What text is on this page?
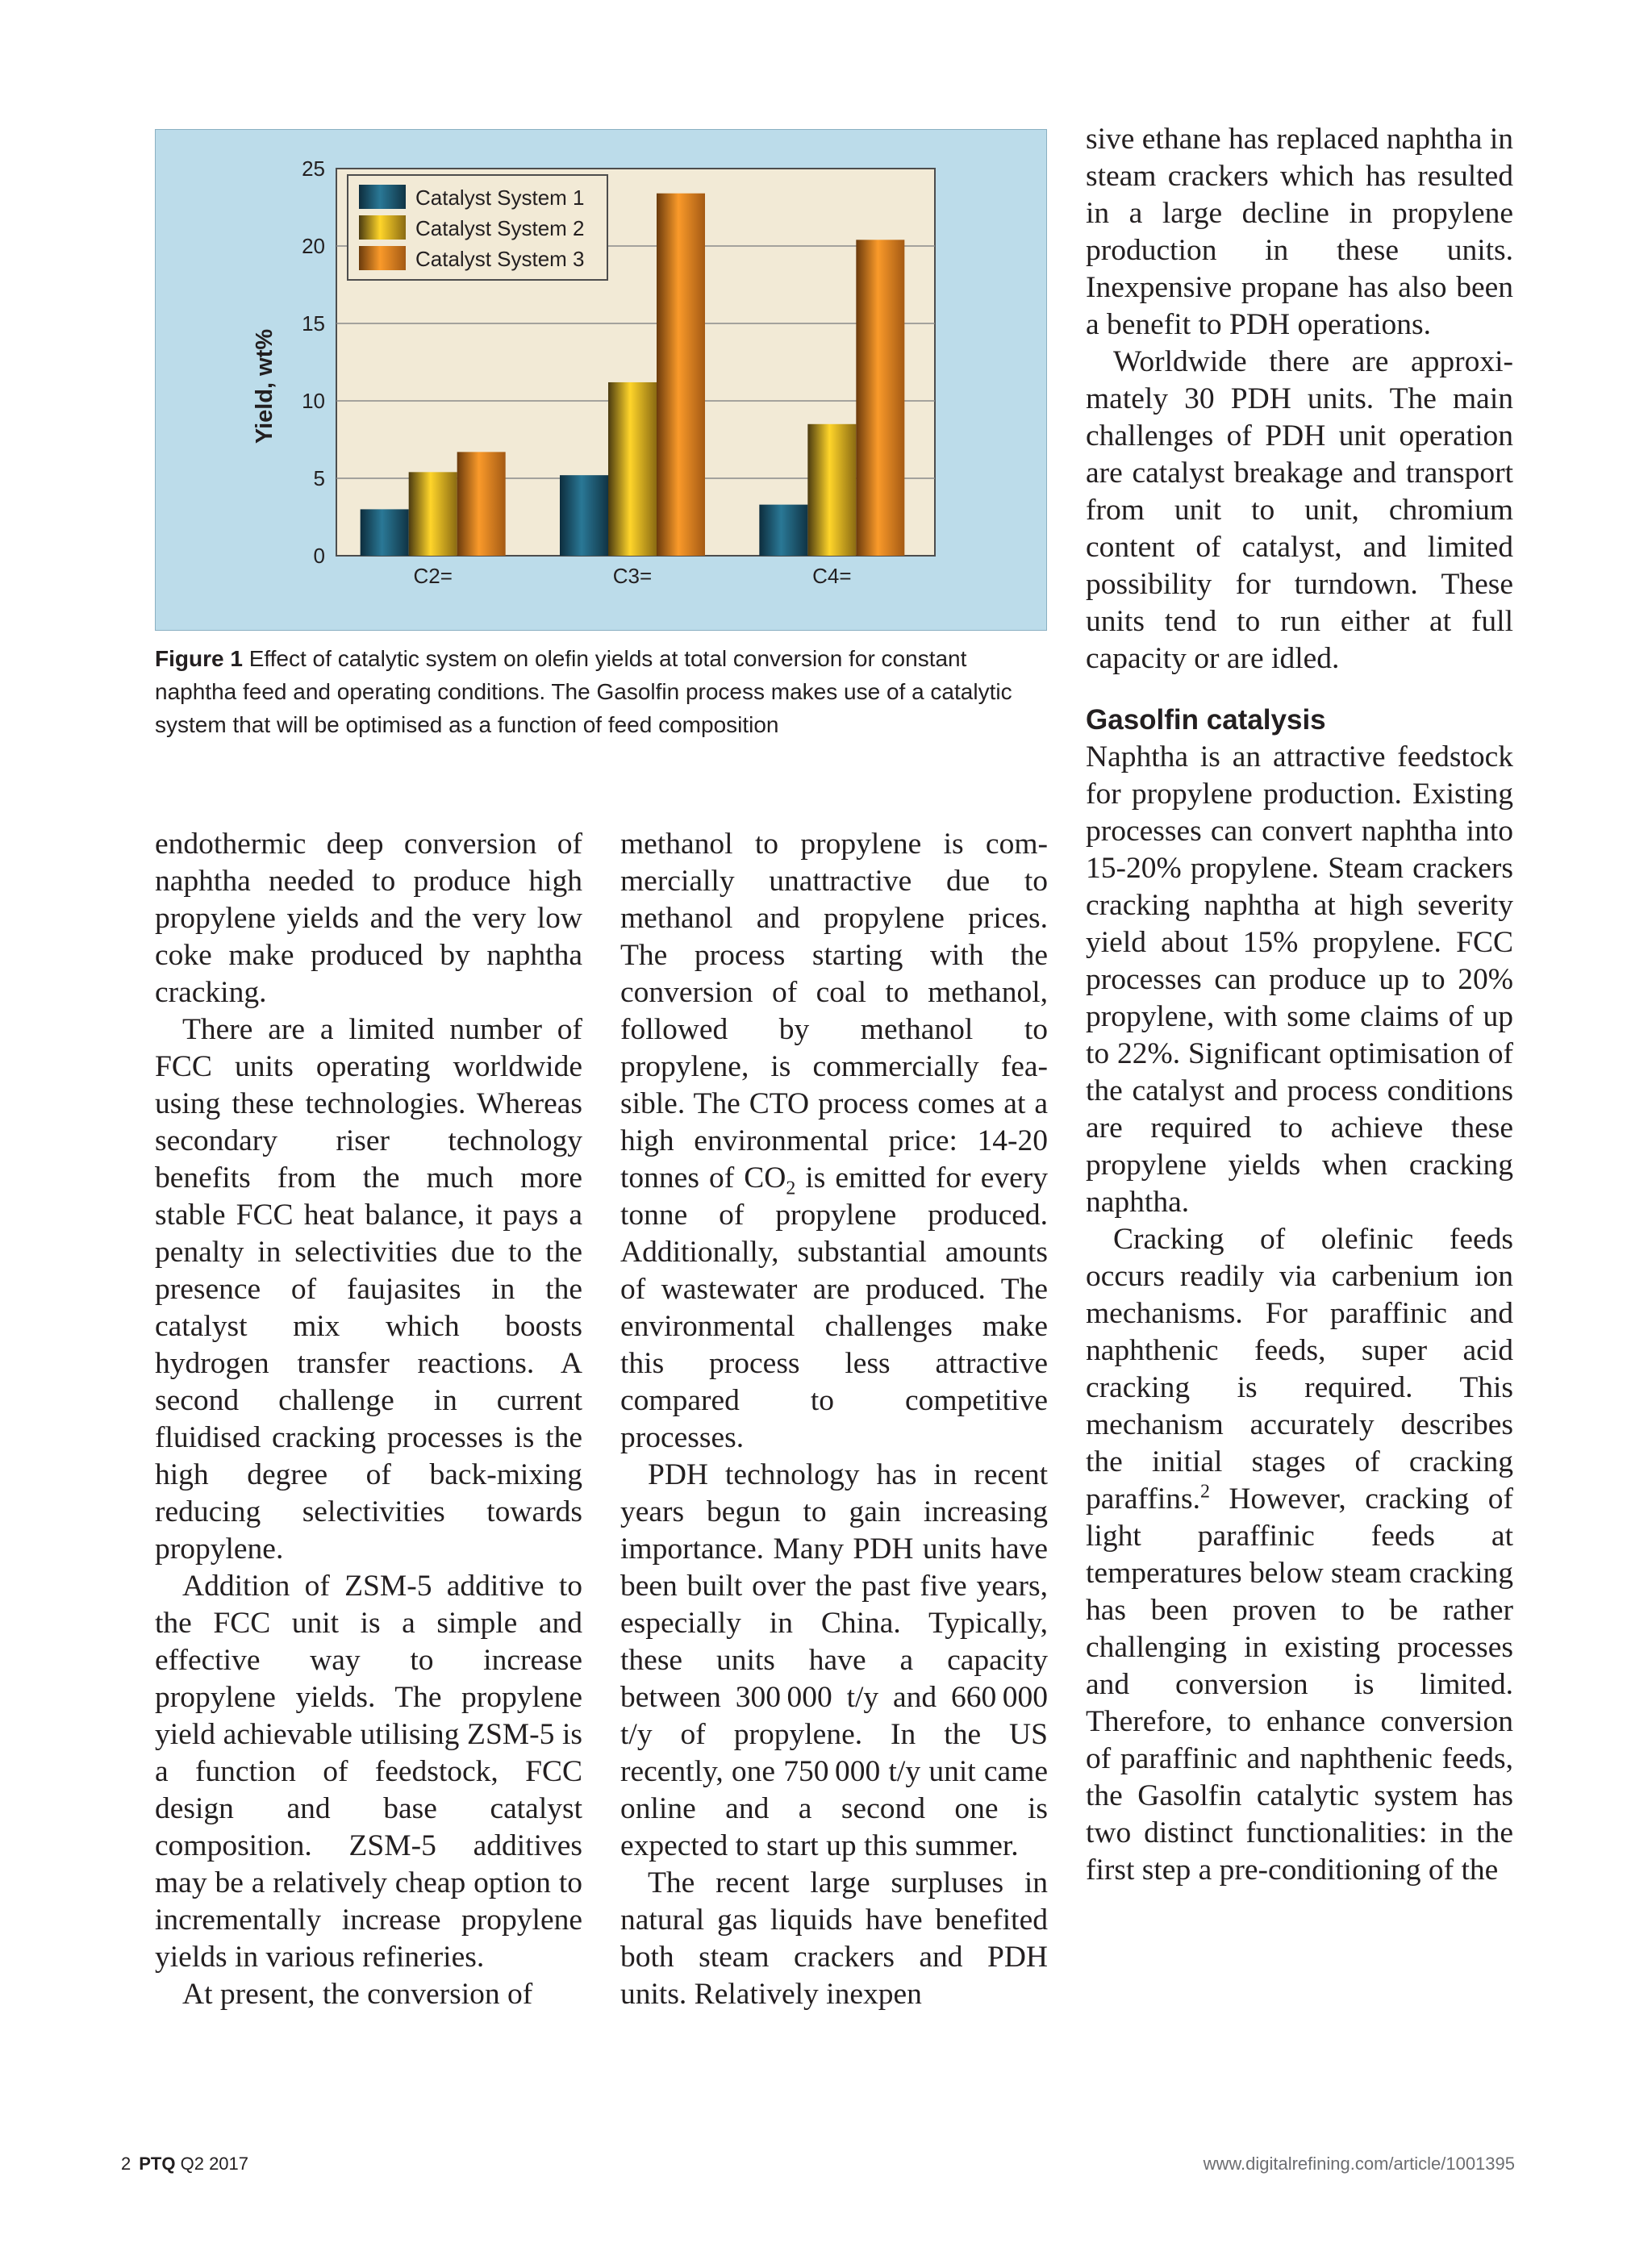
0
5
10
15
20
25
C2=	C3=	C4=
Yield, wt%
Catalyst System 1
Catalyst System 2
Catalyst System 3
Figure 1 Effect of catalytic system on olefin yields at total conversion for constant naphtha feed and operating conditions. The Gasolfin process makes use of a catalytic system that will be optimised as a function of feed composition

endothermic deep conversion of naphtha needed to produce high propylene yields and the very low coke make produced by naphtha cracking.

There are a limited number of FCC units operating worldwide using these technologies. Whereas secondary riser technology benefits from the much more stable FCC heat balance, it pays a penalty in selectivities due to the presence of faujasites in the catalyst mix which boosts hydrogen transfer reactions. A second challenge in current fluidised cracking processes is the high degree of back-mixing reducing selectivities towards propylene.

Addition of ZSM-5 additive to the FCC unit is a simple and effective way to increase propylene yields. The propylene yield achievable utilising ZSM-5 is a function of feedstock, FCC design and base catalyst composition. ZSM-5 additives may be a relatively cheap option to incrementally increase propylene yields in various refineries.

At present, the conversion of

methanol to propylene is commercially unattractive due to methanol and propylene prices. The process starting with the conversion of coal to methanol, followed by methanol to propylene, is commercially feasible. The CTO process comes at a high environmental price: 14-20 tonnes of $CO_2$ is emitted for every tonne of propylene produced. Additionally, substantial amounts of wastewater are produced. The environmental challenges make this process less attractive compared to competitive processes.

PDH technology has in recent years begun to gain increasing importance. Many PDH units have been built over the past five years, especially in China. Typically, these units have a capacity between 300 000 t/y and 660 000 t/y of propylene. In the US recently, one 750 000 t/y unit came online and a second one is expected to start up this summer.

The recent large surpluses in natural gas liquids have benefited both steam crackers and PDH units. Relatively inexpen

sive ethane has replaced naphtha in steam crackers which has resulted in a large decline in propylene production in these units. Inexpensive propane has also been a benefit to PDH operations.

Worldwide there are approximately 30 PDH units. The main challenges of PDH unit operation are catalyst breakage and transport from unit to unit, chromium content of catalyst, and limited possibility for turndown. These units tend to run either at full capacity or are idled.

Gasolfin catalysis

Naphtha is an attractive feedstock for propylene production. Existing processes can convert naphtha into 15-20% propylene. Steam crackers cracking naphtha at high severity yield about 15% propylene. FCC processes can produce up to 20% propylene, with some claims of up to 22%. Significant optimisation of the catalyst and process conditions are required to achieve these propylene yields when cracking naphtha.

Cracking of olefinic feeds occurs readily via carbenium ion mechanisms. For paraffinic and naphthenic feeds, super acid cracking is required. This mechanism accurately describes the initial stages of cracking paraffins.$^2$ However, cracking of light paraffinic feeds at temperatures below steam cracking has been proven to be rather challenging in existing processes and conversion is limited. Therefore, to enhance conversion of paraffinic and naphthenic feeds, the Gasolfin catalytic system has two distinct functionalities: in the first step a pre-conditioning of the

2 PTQ Q2 2017	www.digitalrefining.com/article/1001395
